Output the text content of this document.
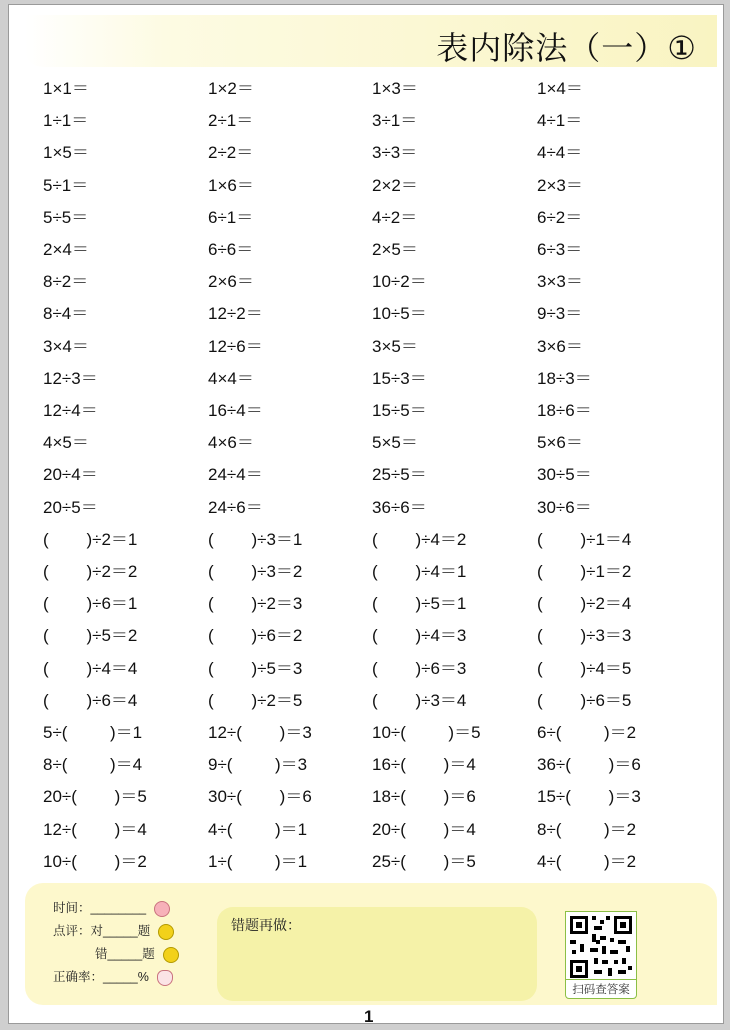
表内除法（一）①
1×1＝	1×2＝	1×3＝	1×4＝
1÷1＝	2÷1＝	3÷1＝	4÷1＝
1×5＝	2÷2＝	3÷3＝	4÷4＝
5÷1＝	1×6＝	2×2＝	2×3＝
5÷5＝	6÷1＝	4÷2＝	6÷2＝
2×4＝	6÷6＝	2×5＝	6÷3＝
8÷2＝	2×6＝	10÷2＝	3×3＝
8÷4＝	12÷2＝	10÷5＝	9÷3＝
3×4＝	12÷6＝	3×5＝	3×6＝
12÷3＝	4×4＝	15÷3＝	18÷3＝
12÷4＝	16÷4＝	15÷5＝	18÷6＝
4×5＝	4×6＝	5×5＝	5×6＝
20÷4＝	24÷4＝	25÷5＝	30÷5＝
20÷5＝	24÷6＝	36÷6＝	30÷6＝
(        )÷2＝1	(        )÷3＝1	(        )÷4＝2	(        )÷1＝4
(        )÷2＝2	(        )÷3＝2	(        )÷4＝1	(        )÷1＝2
(        )÷6＝1	(        )÷2＝3	(        )÷5＝1	(        )÷2＝4
(        )÷5＝2	(        )÷6＝2	(        )÷4＝3	(        )÷3＝3
(        )÷4＝4	(        )÷5＝3	(        )÷6＝3	(        )÷4＝5
(        )÷6＝4	(        )÷2＝5	(        )÷3＝4	(        )÷6＝5
5÷(         )＝1	12÷(        )＝3	10÷(         )＝5	6÷(         )＝2
8÷(         )＝4	9÷(         )＝3	16÷(        )＝4	36÷(        )＝6
20÷(        )＝5	30÷(        )＝6	18÷(        )＝6	15÷(        )＝3
12÷(        )＝4	4÷(         )＝1	20÷(        )＝4	8÷(         )＝2
10÷(        )＝2	1÷(         )＝1	25÷(        )＝5	4÷(         )＝2
时间：________
点评：对_____题
错_____题
正确率：_____%
错题再做：
扫码查答案
1
